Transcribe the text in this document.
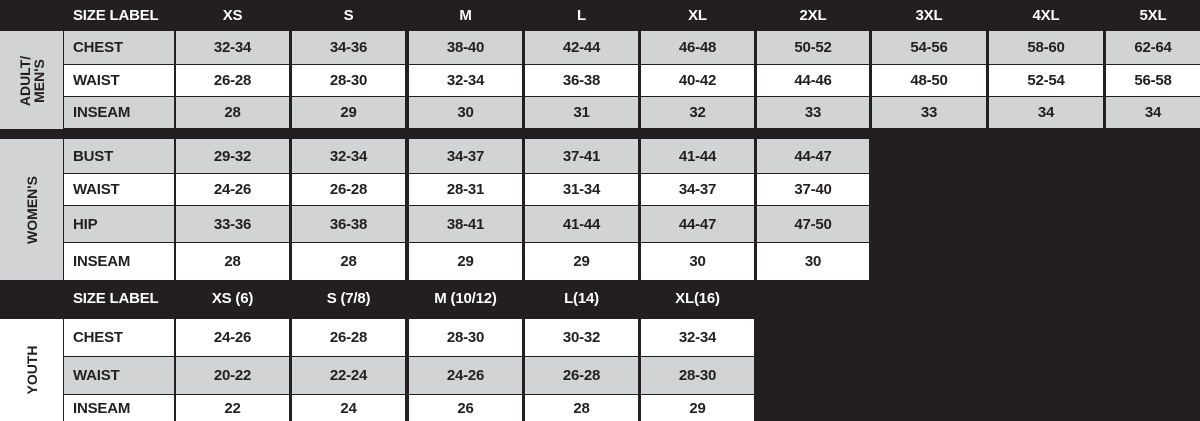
ADULT/
MEN'S
SIZE LABEL	XS	S	M	L	XL	2XL	3XL	4XL	5XL
CHEST	32-34	34-36	38-40	42-44	46-48	50-52	54-56	58-60	62-64
WAIST	26-28	28-30	32-34	36-38	40-42	44-46	48-50	52-54	56-58
INSEAM	28	29	30	31	32	33	33	34	34
WOMEN'S
BUST	29-32	32-34	34-37	37-41	41-44	44-47
WAIST	24-26	26-28	28-31	31-34	34-37	37-40
HIP	33-36	36-38	38-41	41-44	44-47	47-50
INSEAM	28	28	29	29	30	30
YOUTH
SIZE LABEL	XS (6)	S (7/8)	M (10/12)	L(14)	XL(16)
CHEST	24-26	26-28	28-30	30-32	32-34
WAIST	20-22	22-24	24-26	26-28	28-30
INSEAM	22	24	26	28	29
